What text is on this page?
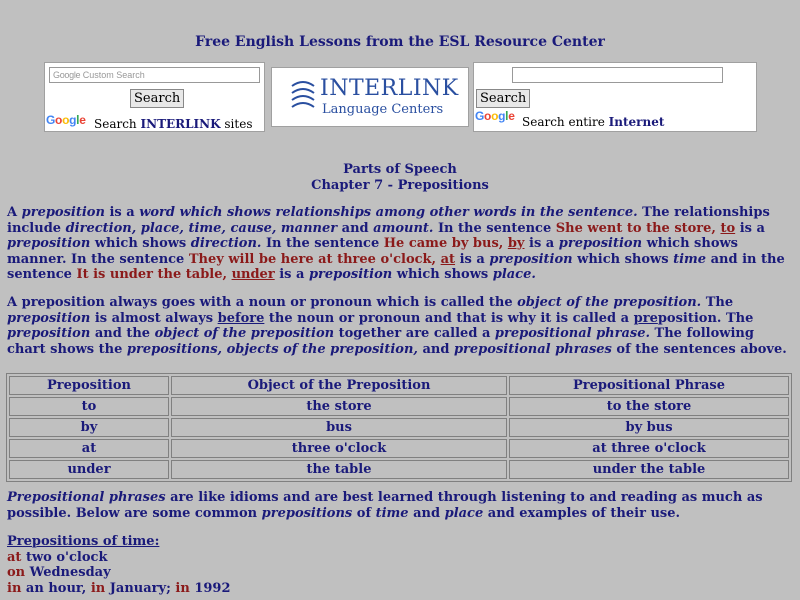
Free English Lessons from the ESL Resource Center
Google Custom Search
Search
Google Search INTERLINK sites
INTERLINK
Language Centers
Search
Google Search entire Internet
Parts of Speech
Chapter 7 - Prepositions

A preposition is a word which shows relationships among other words in the sentence. The relationships include direction, place, time, cause, manner and amount. In the sentence She went to the store, to is a preposition which shows direction. In the sentence He came by bus, by is a preposition which shows manner. In the sentence They will be here at three o'clock, at is a preposition which shows time and in the sentence It is under the table, under is a preposition which shows place.

A preposition always goes with a noun or pronoun which is called the object of the preposition. The preposition is almost always before the noun or pronoun and that is why it is called a preposition. The preposition and the object of the preposition together are called a prepositional phrase. The following chart shows the prepositions, objects of the preposition, and prepositional phrases of the sentences above.

Preposition	Object of the Preposition	Prepositional Phrase
to	the store	to the store
by	bus	by bus
at	three o'clock	at three o'clock
under	the table	under the table

Prepositional phrases are like idioms and are best learned through listening to and reading as much as possible. Below are some common prepositions of time and place and examples of their use.

Prepositions of time:
at two o'clock
on Wednesday
in an hour, in January; in 1992
